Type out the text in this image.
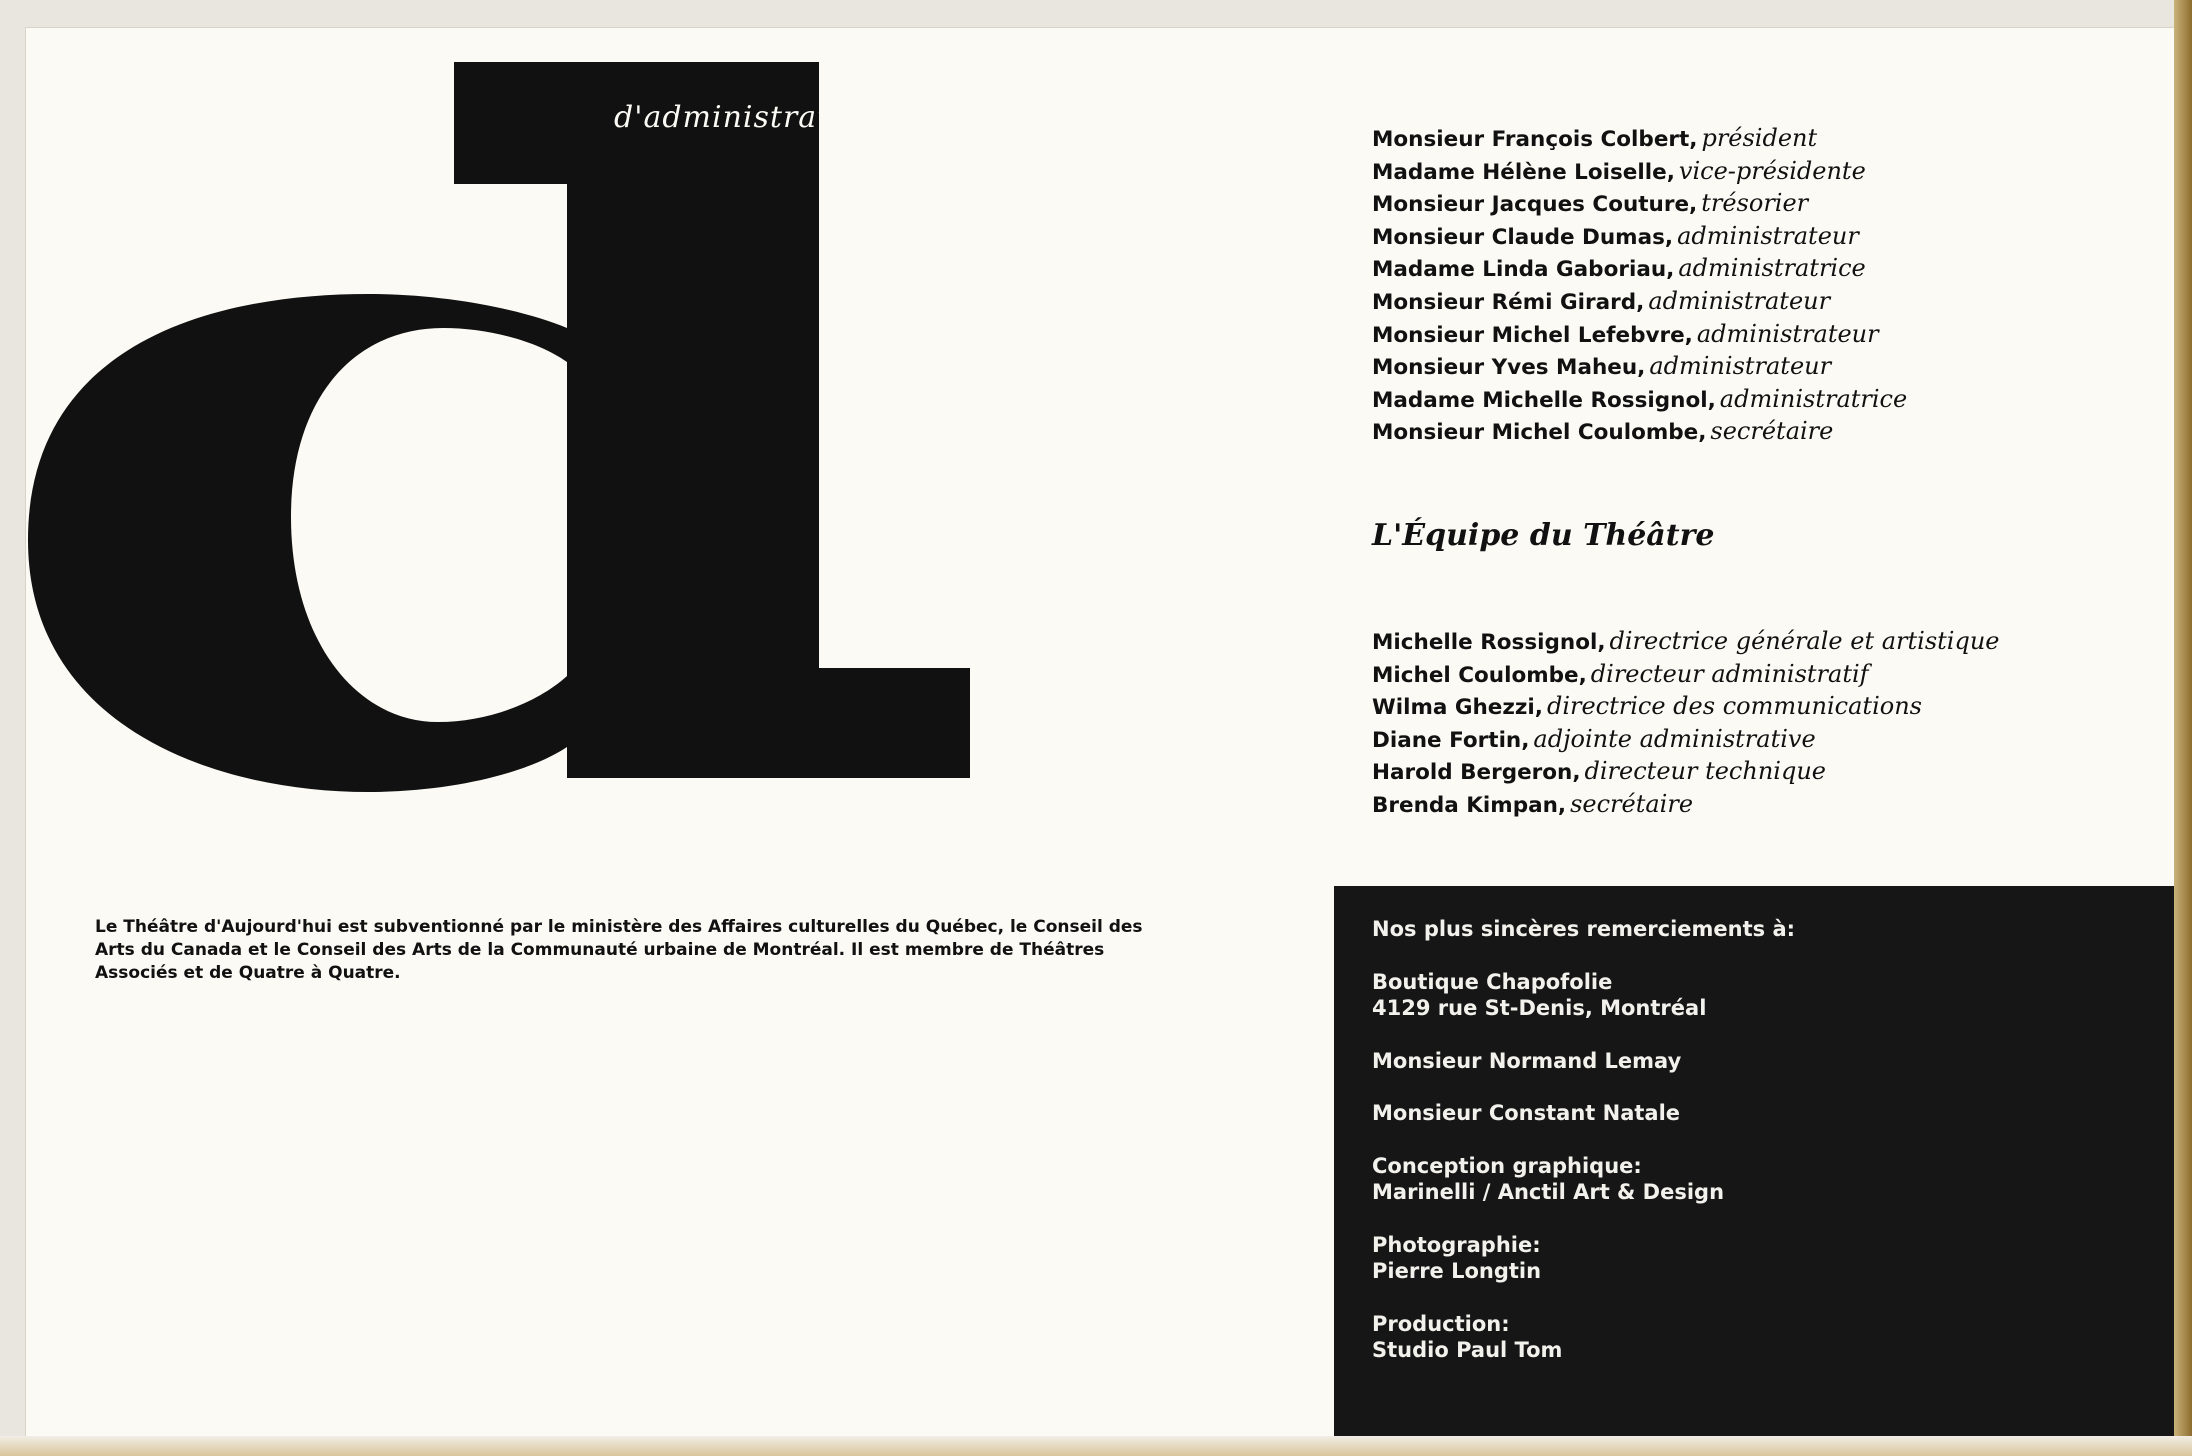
Conseil

d'administration

Monsieur François Colbert, président
Madame Hélène Loiselle, vice-présidente
Monsieur Jacques Couture, trésorier
Monsieur Claude Dumas, administrateur
Madame Linda Gaboriau, administratrice
Monsieur Rémi Girard, administrateur
Monsieur Michel Lefebvre, administrateur
Monsieur Yves Maheu, administrateur
Madame Michelle Rossignol, administratrice
Monsieur Michel Coulombe, secrétaire

L'Équipe du Théâtre

Michelle Rossignol, directrice générale et artistique
Michel Coulombe, directeur administratif
Wilma Ghezzi, directrice des communications
Diane Fortin, adjointe administrative
Harold Bergeron, directeur technique
Brenda Kimpan, secrétaire

Le Théâtre d'Aujourd'hui est subventionné par le ministère des Affaires culturelles du Québec, le Conseil des Arts du Canada et le Conseil des Arts de la Communauté urbaine de Montréal. Il est membre de Théâtres Associés et de Quatre à Quatre.

Nos plus sincères remerciements à:

Boutique Chapofolie
4129 rue St-Denis, Montréal
Monsieur Normand Lemay
Monsieur Constant Natale
Conception graphique:
Marinelli / Anctil Art & Design
Photographie:
Pierre Longtin
Production:
Studio Paul Tom
